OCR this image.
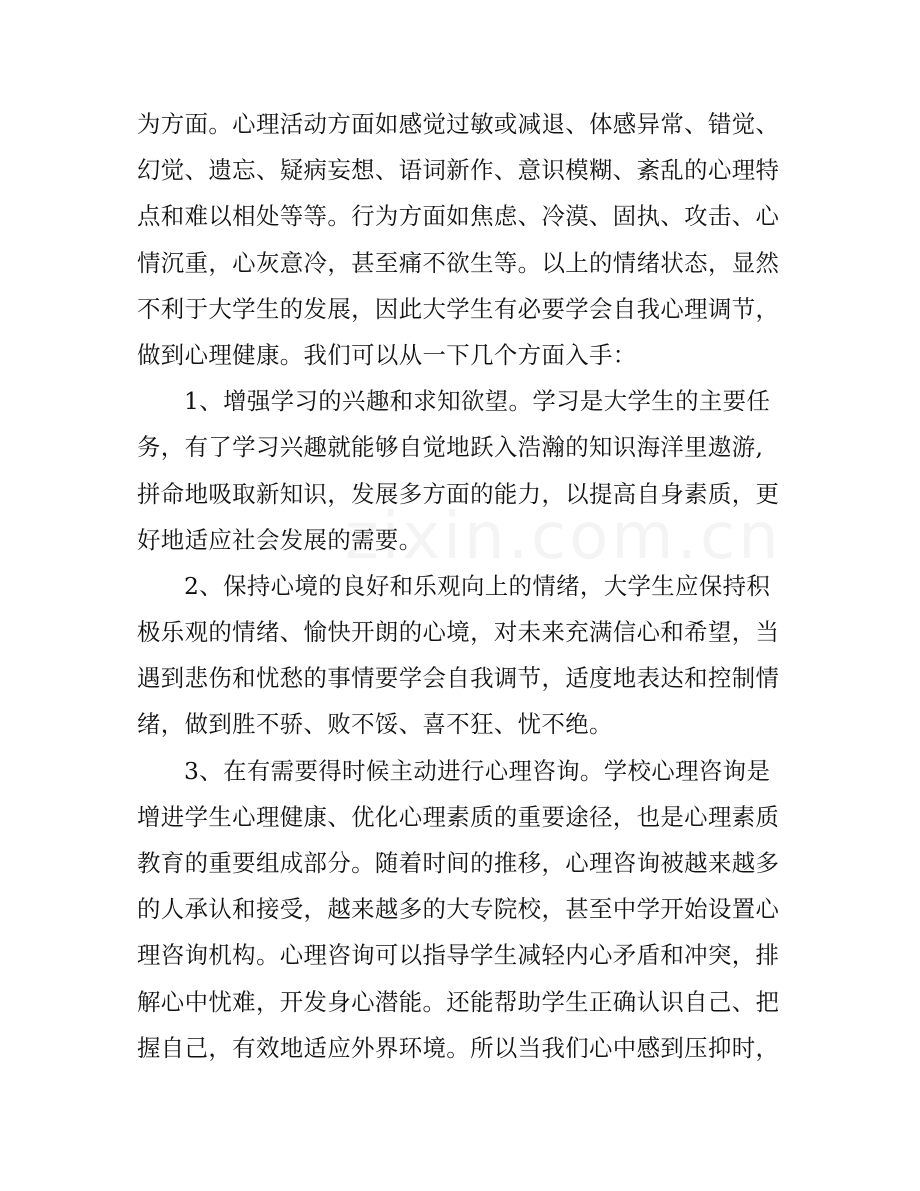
为方面。心理活动方面如感觉过敏或减退、体感异常、错觉、
幻觉、遗忘、疑病妄想、语词新作、意识模糊、紊乱的心理特
点和难以相处等等。行为方面如焦虑、冷漠、固执、攻击、心
情沉重，心灰意冷，甚至痛不欲生等。以上的情绪状态，显然
不利于大学生的发展，因此大学生有必要学会自我心理调节，
做到心理健康。我们可以从一下几个方面入手：
1、增强学习的兴趣和求知欲望。学习是大学生的主要任
务，有了学习兴趣就能够自觉地跃入浩瀚的知识海洋里遨游,
拼命地吸取新知识，发展多方面的能力，以提高自身素质，更
好地适应社会发展的需要。
2、保持心境的良好和乐观向上的情绪，大学生应保持积
极乐观的情绪、愉快开朗的心境，对未来充满信心和希望，当
遇到悲伤和忧愁的事情要学会自我调节，适度地表达和控制情
绪，做到胜不骄、败不馁、喜不狂、忧不绝。
3、在有需要得时候主动进行心理咨询。学校心理咨询是
增进学生心理健康、优化心理素质的重要途径，也是心理素质
教育的重要组成部分。随着时间的推移，心理咨询被越来越多
的人承认和接受，越来越多的大专院校，甚至中学开始设置心
理咨询机构。心理咨询可以指导学生减轻内心矛盾和冲突，排
解心中忧难，开发身心潜能。还能帮助学生正确认识自己、把
握自己，有效地适应外界环境。所以当我们心中感到压抑时，
